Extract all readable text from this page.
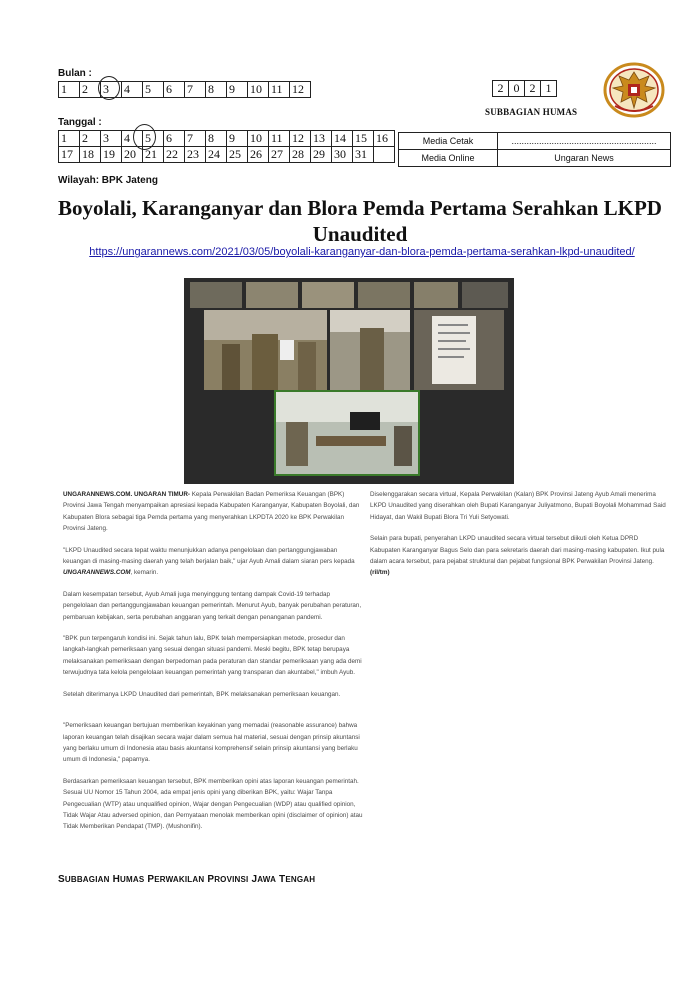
Bulan :
1	2	3	4	5	6	7	8	9	10	11	12	2	0	2	1
SUBBAGIAN HUMAS
Tanggal :
1	2	3	4	5	6	7	8	9	10	11	12	13	14	15	16
17	18	19	20	21	22	23	24	25	26	27	28	29	30	31	
Media Cetak	..........................................................
Media Online	Ungaran News
Wilayah: BPK Jateng
Boyolali, Karanganyar dan Blora Pemda Pertama Serahkan LKPD Unaudited
https://ungarannews.com/2021/03/05/boyolali-karanganyar-dan-blora-pemda-pertama-serahkan-lkpd-unaudited/

UNGARANNEWS.COM. UNGARAN TIMUR- Kepala Perwakilan Badan Pemeriksa Keuangan (BPK) Provinsi Jawa Tengah menyampaikan apresiasi kepada Kabupaten Karanganyar, Kabupaten Boyolali, dan Kabupaten Blora sebagai tiga Pemda pertama yang menyerahkan LKPDTA 2020 ke BPK Perwakilan Provinsi Jateng.

"LKPD Unaudited secara tepat waktu menunjukkan adanya pengelolaan dan pertanggungjawaban keuangan di masing-masing daerah yang telah berjalan baik," ujar Ayub Amali dalam siaran pers kepada UNGARANNEWS.COM, kemarin.

Dalam kesempatan tersebut, Ayub Amali juga menyinggung tentang dampak Covid-19 terhadap pengelolaan dan pertanggungjawaban keuangan pemerintah. Menurut Ayub, banyak perubahan peraturan, pembaruan kebijakan, serta perubahan anggaran yang terkait dengan penanganan pandemi.

"BPK pun terpengaruh kondisi ini. Sejak tahun lalu, BPK telah mempersiapkan metode, prosedur dan langkah-langkah pemeriksaan yang sesuai dengan situasi pandemi. Meski begitu, BPK tetap berupaya melaksanakan pemeriksaan dengan berpedoman pada peraturan dan standar pemeriksaan yang ada demi terwujudnya tata kelola pengelolaan keuangan pemerintah yang transparan dan akuntabel," imbuh Ayub.

Setelah diterimanya LKPD Unaudited dari pemerintah, BPK melaksanakan pemeriksaan keuangan.

"Pemeriksaan keuangan bertujuan memberikan keyakinan yang memadai (reasonable assurance) bahwa laporan keuangan telah disajikan secara wajar dalam semua hal material, sesuai dengan prinsip akuntansi yang berlaku umum di Indonesia atau basis akuntansi komprehensif selain prinsip akuntansi yang berlaku umum di Indonesia," paparnya.

Berdasarkan pemeriksaan keuangan tersebut, BPK memberikan opini atas laporan keuangan pemerintah. Sesuai UU Nomor 15 Tahun 2004, ada empat jenis opini yang diberikan BPK, yaitu: Wajar Tanpa Pengecualian (WTP) atau unqualified opinion, Wajar dengan Pengecualian (WDP) atau qualified opinion, Tidak Wajar Atau adversed opinion, dan Pernyataan menolak memberikan opini (disclaimer of opinion) atau Tidak Memberikan Pendapat (TMP). (Mushonifin).

Diselenggarakan secara virtual, Kepala Perwakilan (Kalan) BPK Provinsi Jateng Ayub Amali menerima LKPD Unaudited yang diserahkan oleh Bupati Karanganyar Juliyatmono, Bupati Boyolali Mohammad Said Hidayat, dan Wakil Bupati Blora Tri Yuli Setyowati.

Selain para bupati, penyerahan LKPD unaudited secara virtual tersebut diikuti oleh Ketua DPRD Kabupaten Karanganyar Bagus Selo dan para sekretaris daerah dari masing-masing kabupaten. Ikut pula dalam acara tersebut, para pejabat struktural dan pejabat fungsional BPK Perwakilan Provinsi Jateng. (ril/tm)

SUBBAGIAN HUMAS PERWAKILAN PROVINSI JAWA TENGAH
